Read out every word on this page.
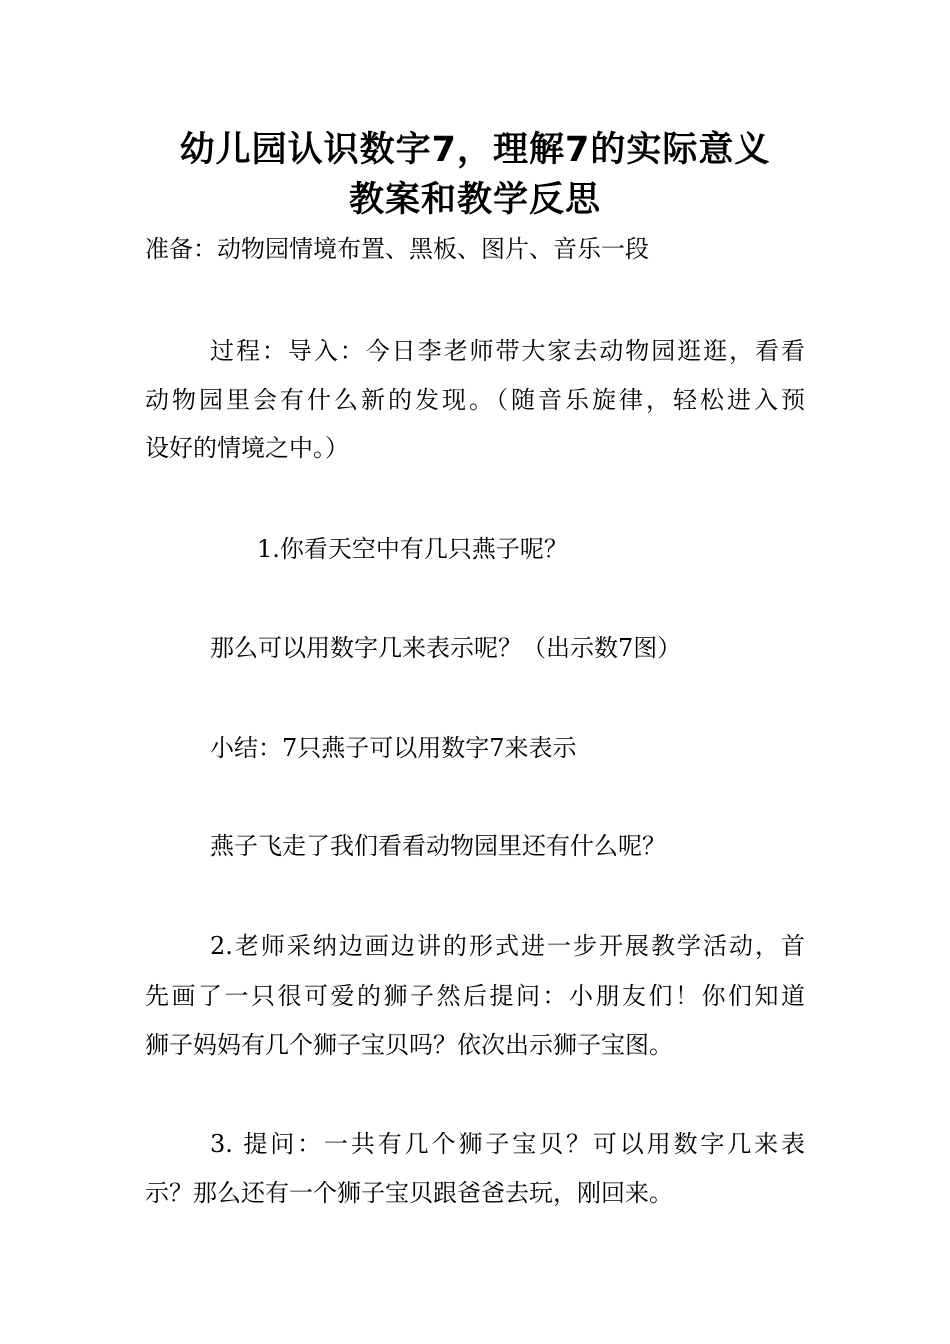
幼儿园认识数字7，理解7的实际意义
教案和教学反思
准备：动物园情境布置、黑板、图片、音乐一段
过程：导入：今日李老师带大家去动物园逛逛，看看
动物园里会有什么新的发现。（随音乐旋律，轻松进入预
设好的情境之中。）
1.你看天空中有几只燕子呢？
那么可以用数字几来表示呢？（出示数7图）
小结：7只燕子可以用数字7来表示
燕子飞走了我们看看动物园里还有什么呢？
2.老师采纳边画边讲的形式进一步开展教学活动，首
先画了一只很可爱的狮子然后提问：小朋友们！你们知道
狮子妈妈有几个狮子宝贝吗？依次出示狮子宝图。
3. 提问：一共有几个狮子宝贝？可以用数字几来表
示？那么还有一个狮子宝贝跟爸爸去玩，刚回来。
